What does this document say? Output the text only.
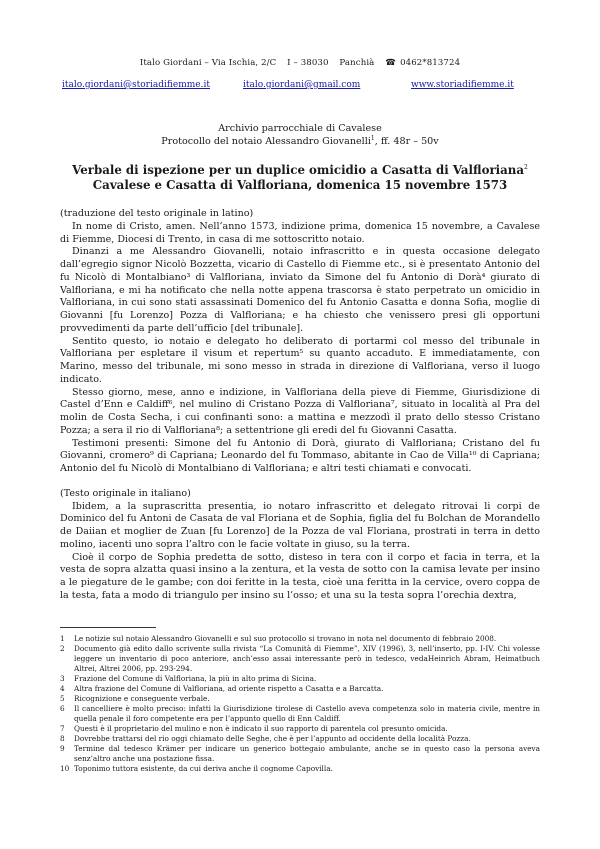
Italo Giordani – Via Ischia, 2/C I – 38030 Panchià ☎ 0462*813724
italo.giordani@storiadifiemme.it	italo.giordani@gmail.com	www.storiadifiemme.it
Archivio parrocchiale di Cavalese
Protocollo del notaio Alessandro Giovanelli$^1$, ff. 48r – 50v
Verbale di ispezione per un duplice omicidio a Casatta di Valfloriana$^2$
Cavalese e Casatta di Valfloriana, domenica 15 novembre 1573

(traduzione del testo originale in latino)

In nome di Cristo, amen. Nell’anno 1573, indizione prima, domenica 15 novembre, a Cavalese di Fiemme, Diocesi di Trento, in casa di me sottoscritto notaio.

Dinanzi a me Alessandro Giovanelli, notaio infrascritto e in questa occasione delegato dall’egregio signor Nicolò Bozzetta, vicario di Castello di Fiemme etc., si è presentato Antonio del fu Nicolò di Montalbiano³ di Valfloriana, inviato da Simone del fu Antonio di Dorà⁴ giurato di Valfloriana, e mi ha notificato che nella notte appena trascorsa è stato perpetrato un omicidio in Valfloriana, in cui sono stati assassinati Domenico del fu Antonio Casatta e donna Sofia, moglie di Giovanni [fu Lorenzo] Pozza di Valfloriana; e ha chiesto che venissero presi gli opportuni provvedimenti da parte dell’ufficio [del tribunale].

Sentito questo, io notaio e delegato ho deliberato di portarmi col messo del tribunale in Valfloriana per espletare il visum et repertum⁵ su quanto accaduto. E immediatamente, con Marino, messo del tribunale, mi sono messo in strada in direzione di Valfloriana, verso il luogo indicato.

Stesso giorno, mese, anno e indizione, in Valfloriana della pieve di Fiemme, Giurisdizione di Castel d’Enn e Caldiff⁶, nel mulino di Cristano Pozza di Valfloriana⁷, situato in località al Pra del molin de Costa Secha, i cui confinanti sono: a mattina e mezzodì il prato dello stesso Cristano Pozza; a sera il rio di Valfloriana⁸; a settentrione gli eredi del fu Giovanni Casatta.

Testimoni presenti: Simone del fu Antonio di Dorà, giurato di Valfloriana; Cristano del fu Giovanni, cromero⁹ di Capriana; Leonardo del fu Tommaso, abitante in Cao de Villa¹⁰ di Capriana; Antonio del fu Nicolò di Montalbiano di Valfloriana; e altri testi chiamati e convocati.

(Testo originale in italiano)

Ibidem, a la suprascritta presentia, io notaro infrascritto et delegato ritrovai li corpi de Dominico del fu Antoni de Casata de val Floriana et de Sophia, figlia del fu Bolchan de Morandello de Daiian et moglier de Zuan [fu Lorenzo] de la Pozza de val Floriana, prostrati in terra in detto molino, iacenti uno sopra l’altro con le facie voltate in giuso, su la terra.

Cioè il corpo de Sophia predetta de sotto, disteso in tera con il corpo et facia in terra, et la vesta de sopra alzatta quasi insino a la zentura, et la vesta de sotto con la camisa levate per insino a le piegature de le gambe; con doi feritte in la testa, cioè una feritta in la cervice, overo coppa de la testa, fata a modo di triangulo per insino su l’osso; et una su la testa sopra l’orechia dextra,

1	Le notizie sul notaio Alessandro Giovanelli e sul suo protocollo si trovano in nota nel documento di febbraio 2008.
2	Documento già edito dallo scrivente sulla rivista “La Comunità di Fiemme”, XIV (1996), 3, nell’inserto, pp. I-IV. Chi volesse leggere un inventario di poco anteriore, anch’esso assai interessante però in tedesco, vedaHeinrich Abram, Heimatbuch Altrei, Altrei 2006, pp. 293-294.
3	Frazione del Comune di Valfloriana, la più in alto prima di Sicina.
4	Altra frazione del Comune di Valfloriana, ad oriente rispetto a Casatta e a Barcatta.
5	Ricognizione e conseguente verbale.
6	Il cancelliere è molto preciso: infatti la Giurisdizione tirolese di Castello aveva competenza solo in materia civile, mentre in quella penale il foro competente era per l’appunto quello di Enn Caldiff.
7	Questi è il proprietario del mulino e non è indicato il suo rapporto di parentela col presunto omicida.
8	Dovrebbe trattarsi del rio oggi chiamato delle Seghe, che è per l’appunto ad occidente della località Pozza.
9	Termine dal tedesco Krämer per indicare un generico bottegaio ambulante, anche se in questo caso la persona aveva senz’altro anche una postazione fissa.
10 Toponimo tuttora esistente, da cui deriva anche il cognome Capovilla.
